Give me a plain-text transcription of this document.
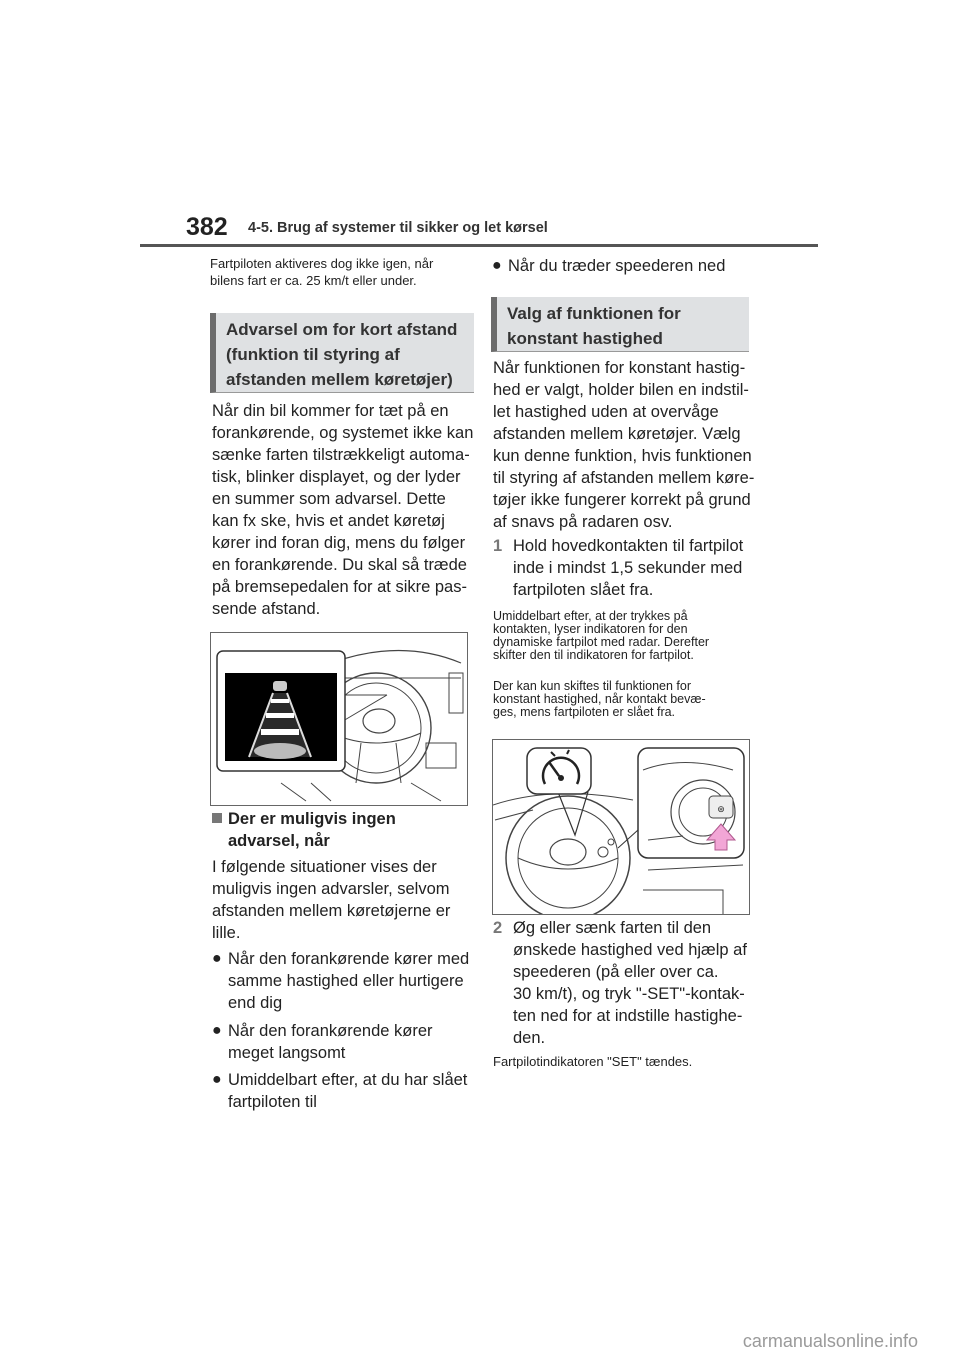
382 4-5. Brug af systemer til sikker og let kørsel
Fartpiloten aktiveres dog ikke igen, når
bilens fart er ca. 25 km/t eller under.
Advarsel om for kort afstand
(funktion til styring af
afstanden mellem køretøjer)
Når din bil kommer for tæt på en
forankørende, og systemet ikke kan
sænke farten tilstrækkeligt automa-
tisk, blinker displayet, og der lyder
en summer som advarsel. Dette
kan fx ske, hvis et andet køretøj
kører ind foran dig, mens du følger
en forankørende. Du skal så træde
på bremsepedalen for at sikre pas-
sende afstand.
Der er muligvis ingen
advarsel, når
I følgende situationer vises der
muligvis ingen advarsler, selvom
afstanden mellem køretøjerne er
lille.
● Når den forankørende kører med
samme hastighed eller hurtigere
end dig
● Når den forankørende kører
meget langsomt
● Umiddelbart efter, at du har slået
fartpiloten til
● Når du træder speederen ned
Valg af funktionen for
konstant hastighed
Når funktionen for konstant hastig-
hed er valgt, holder bilen en indstil-
let hastighed uden at overvåge
afstanden mellem køretøjer. Vælg
kun denne funktion, hvis funktionen
til styring af afstanden mellem køre-
tøjer ikke fungerer korrekt på grund
af snavs på radaren osv.
1 Hold hovedkontakten til fartpilot
inde i mindst 1,5 sekunder med
fartpiloten slået fra.
Umiddelbart efter, at der trykkes på
kontakten, lyser indikatoren for den
dynamiske fartpilot med radar. Derefter
skifter den til indikatoren for fartpilot.
Der kan kun skiftes til funktionen for
konstant hastighed, når kontakt bevæ-
ges, mens fartpiloten er slået fra.
⊛
2 Øg eller sænk farten til den
ønskede hastighed ved hjælp af
speederen (på eller over ca.
30 km/t), og tryk "-SET"-kontak-
ten ned for at indstille hastighe-
den.
Fartpilotindikatoren "SET" tændes.
carmanualsonline.info
